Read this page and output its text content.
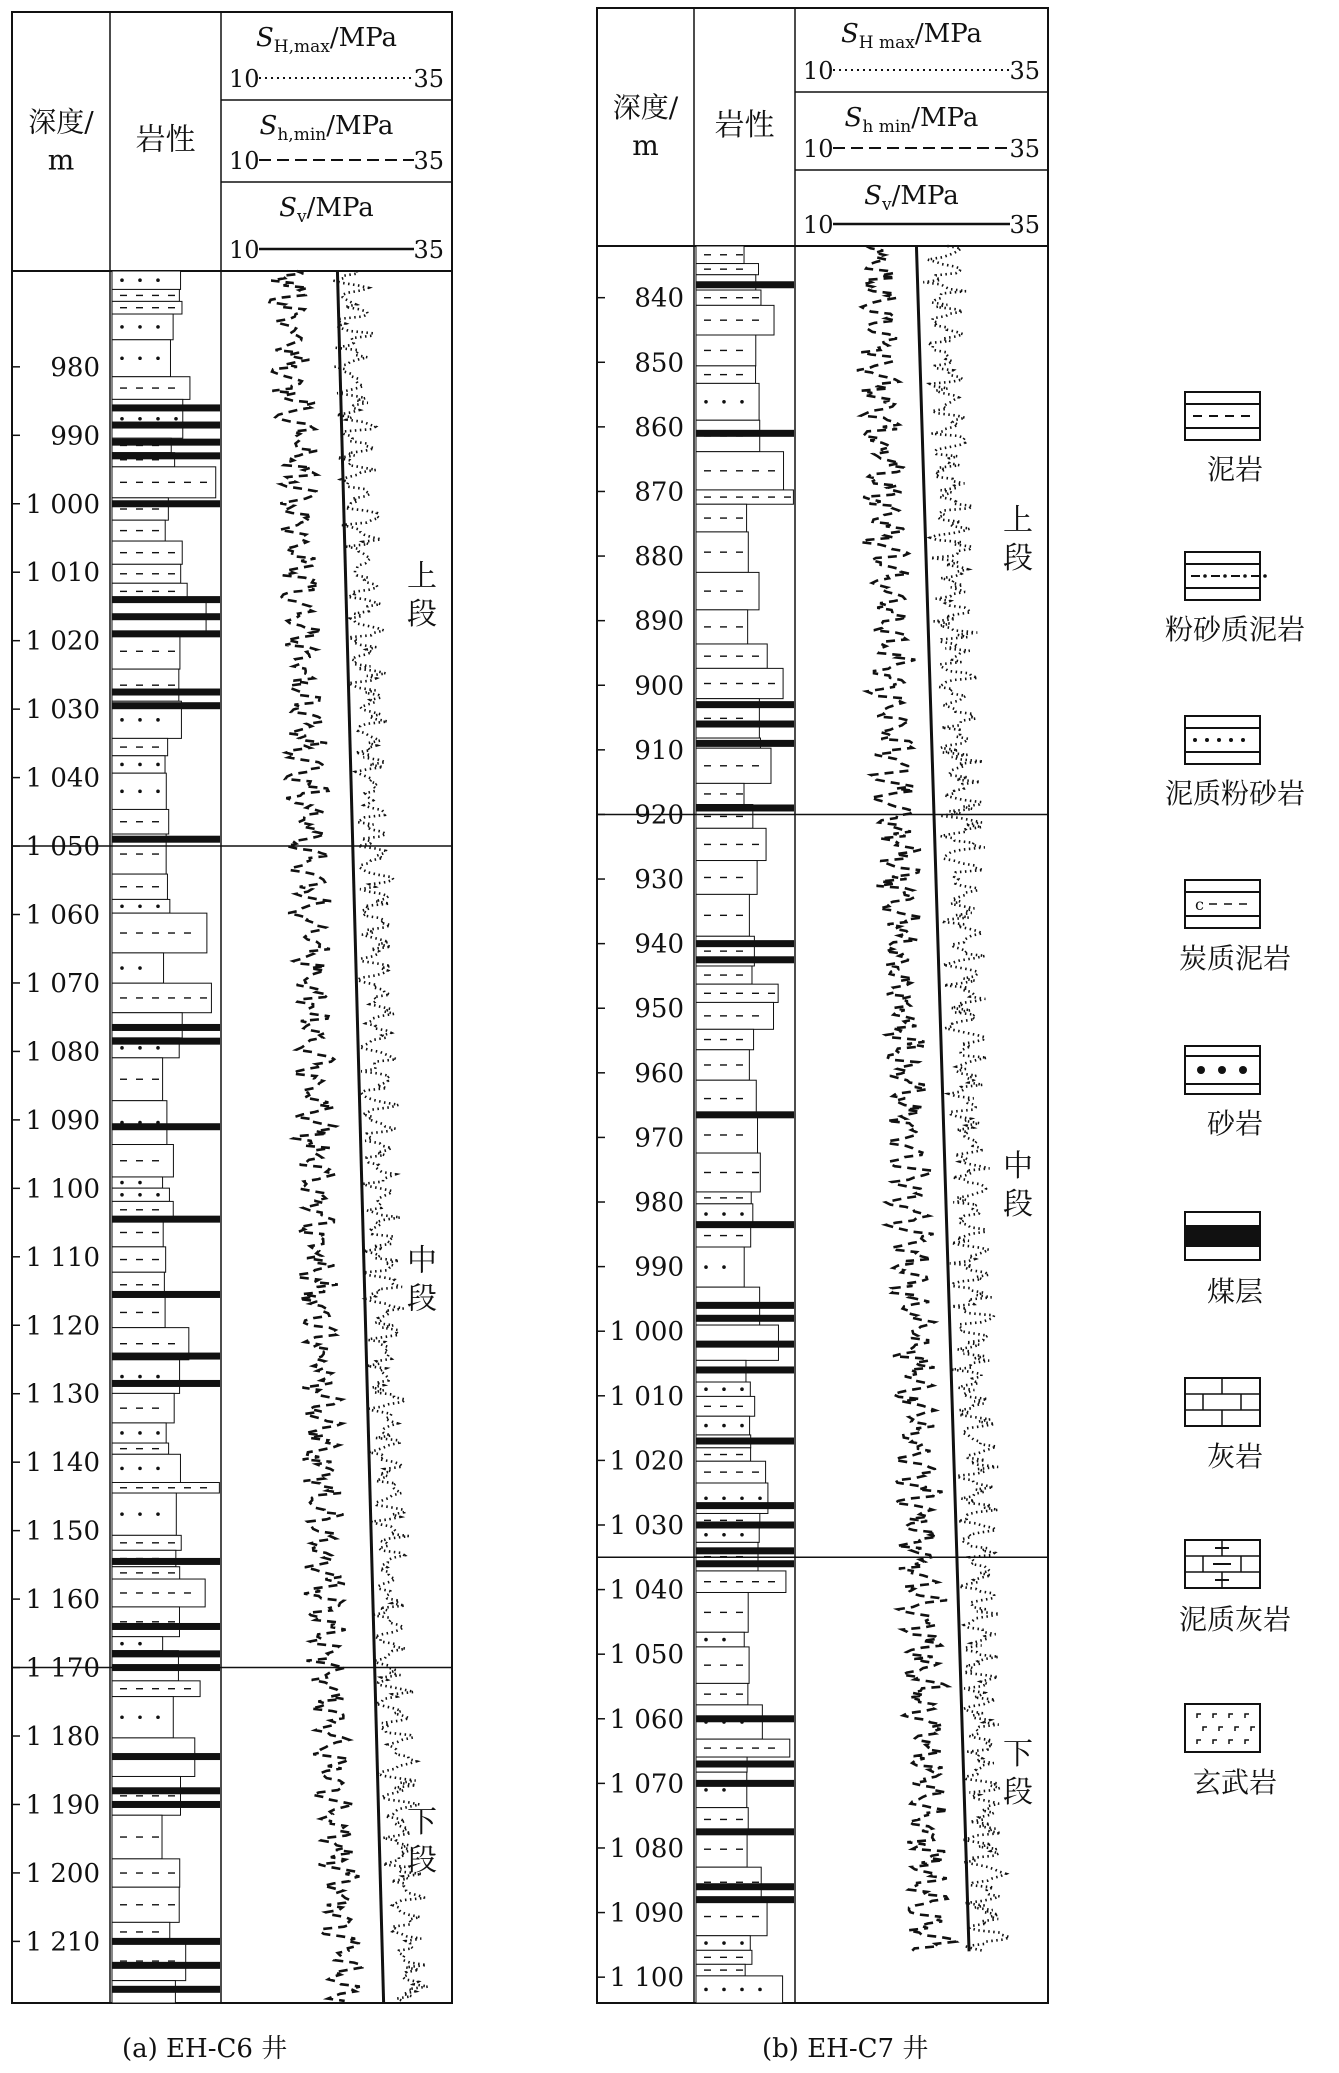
深度/
m
岩性
$S_{H,max}$/MPa
10	35
$S_{h,min}$/MPa
10	35
$S_v$/MPa
10	35
980
990
1 000
1 010
1 020
1 030
1 040
1 050
1 060
1 070
1 080
1 090
1 100
1 110
1 120
1 130
1 140
1 150
1 160
1 170
1 180
1 190
1 200
1 210
上
段
中
段
下
段
深度/
m
岩性
$S_{H max}$/MPa
10	35
$S_{h min}$/MPa
10	35
$S_v$/MPa
10	35
840
850
860
870
880
890
900
910
920
930
940
950
960
970
980
990
1 000
1 010
1 020
1 030
1 040
1 050
1 060
1 070
1 080
1 090
1 100
上
段
中
段
下
段
c
(a) EH-C6 井	(b) EH-C7 井
泥岩
粉砂质泥岩
泥质粉砂岩
炭质泥岩
砂岩
煤层
灰岩
泥质灰岩
玄武岩
